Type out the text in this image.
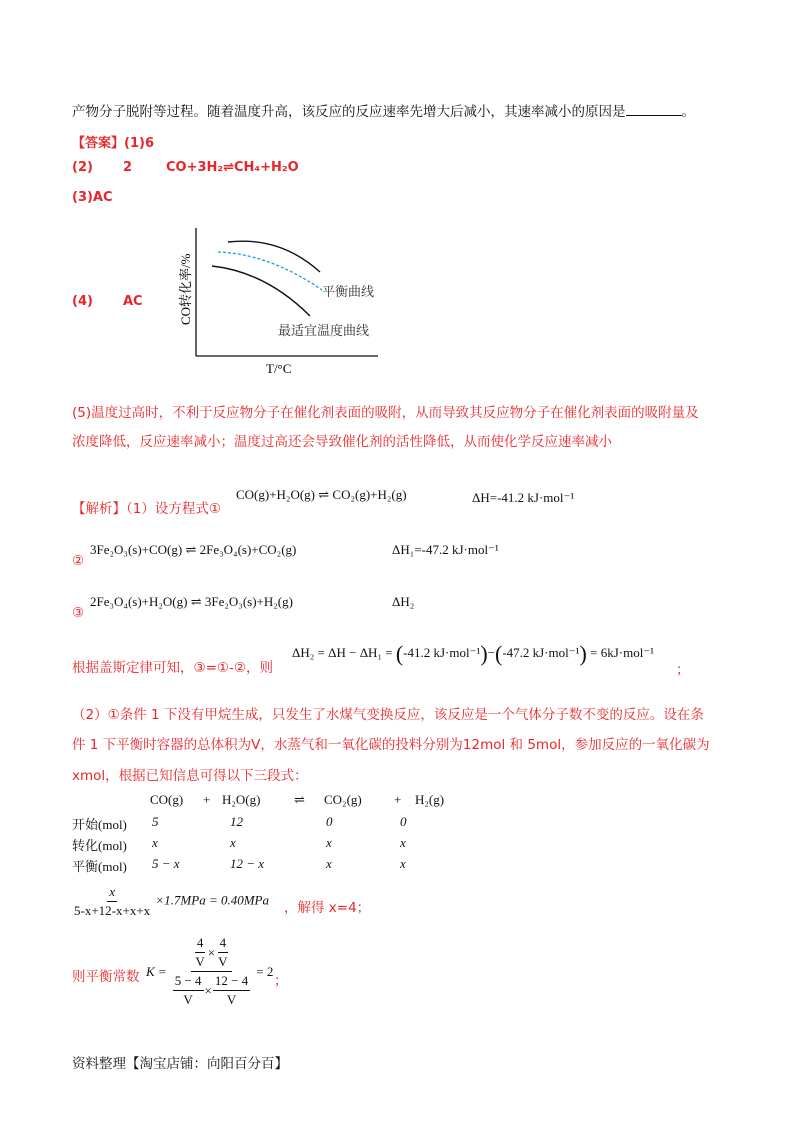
产物分子脱附等过程。随着温度升高，该反应的反应速率先增大后减小，其速率减小的原因是	。
【答案】(1)6
(2) 2	CO+3H₂⇌CH₄+H₂O
(3)AC
(4) AC	CO转化率/%
T/°C
平衡曲线
最适宜温度曲线
(5)温度过高时，不利于反应物分子在催化剂表面的吸附，从而导致其反应物分子在催化剂表面的吸附量及
浓度降低，反应速率减小；温度过高还会导致催化剂的活性降低，从而使化学反应速率减小
【解析】（1）设方程式①
CO(g)+H₂O(g) ⇌ CO₂(g)+H₂(g)	ΔH=-41.2 kJ·mol⁻¹
②
3Fe₂O₃(s)+CO(g) ⇌ 2Fe₃O₄(s)+CO₂(g)	ΔH₁=-47.2 kJ·mol⁻¹
③
2Fe₃O₄(s)+H₂O(g) ⇌ 3Fe₂O₃(s)+H₂(g)	ΔH₂
根据盖斯定律可知，③=①-②，则
ΔH₂ = ΔH − ΔH₁ = (-41.2 kJ·mol⁻¹)−(-47.2 kJ·mol⁻¹) = 6kJ·mol⁻¹
；
（2）①条件 1 下没有甲烷生成，只发生了水煤气变换反应，该反应是一个气体分子数不变的反应。设在条
件 1 下平衡时容器的总体积为V，水蒸气和一氧化碳的投料分别为12mol 和 5mol，参加反应的一氧化碳为
xmol，根据已知信息可得以下三段式：
CO(g) + H₂O(g)	⇌ CO₂(g) + H₂(g)
开始(mol) 5	12	0	0
转化(mol) x	x	x	x
平衡(mol) 5 − x	12 − x	x	x
$\frac{x}{5-x+12-x+x+x} \times 1.7MPa = 0.40MPa$
，解得 x=4；
则平衡常数 $K = \frac{\frac{4}{V} \times \frac{4}{V}}{\frac{5 - 4}{V} \times \frac{12 - 4}{V}} = 2$
；
资料整理【淘宝店铺：向阳百分百】
